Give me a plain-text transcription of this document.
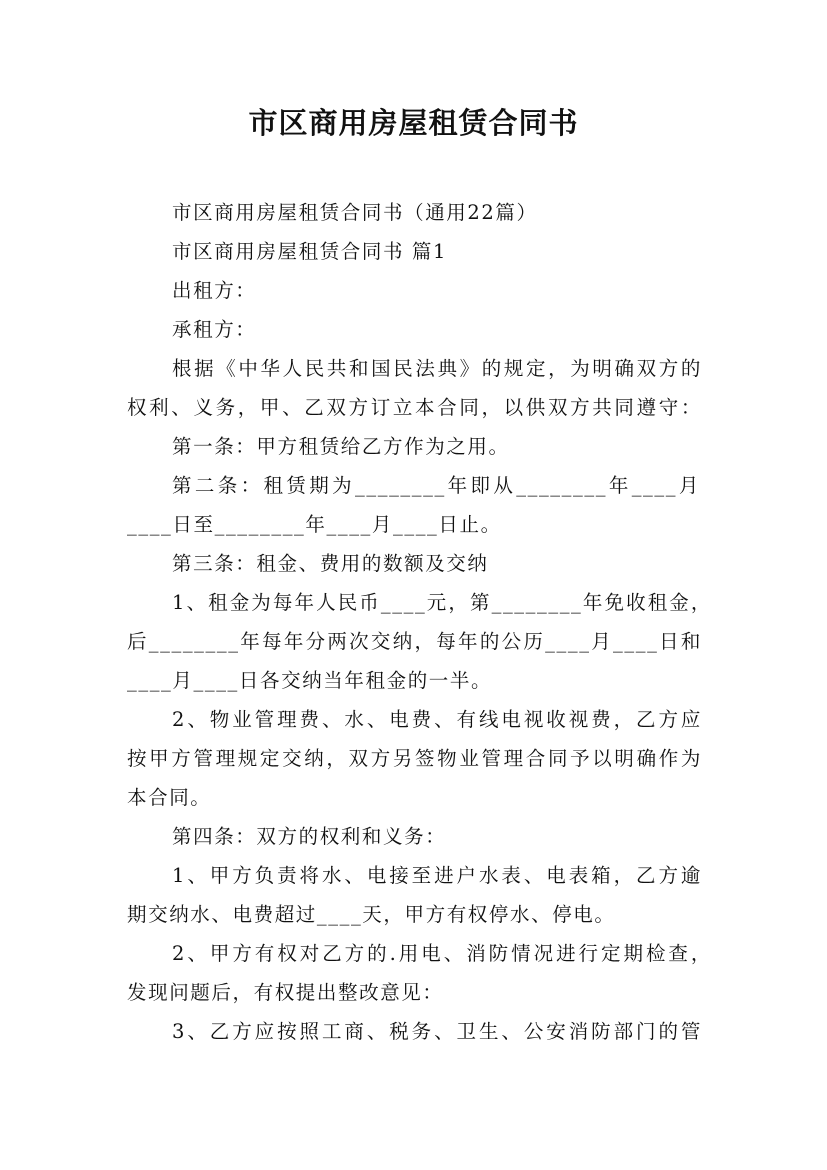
市区商用房屋租赁合同书
市区商用房屋租赁合同书（通用22篇）
市区商用房屋租赁合同书 篇1
出租方：
承租方：
根据《中华人民共和国民法典》的规定，为明确双方的
权利、义务，甲、乙双方订立本合同，以供双方共同遵守：
第一条：甲方租赁给乙方作为之用。
第二条：租赁期为________年即从________年____月
____日至________年____月____日止。
第三条：租金、费用的数额及交纳
1、租金为每年人民币____元，第________年免收租金，
后________年每年分两次交纳，每年的公历____月____日和
____月____日各交纳当年租金的一半。
2、物业管理费、水、电费、有线电视收视费，乙方应
按甲方管理规定交纳，双方另签物业管理合同予以明确作为
本合同。
第四条：双方的权利和义务：
1、甲方负责将水、电接至进户水表、电表箱，乙方逾
期交纳水、电费超过____天，甲方有权停水、停电。
2、甲方有权对乙方的.用电、消防情况进行定期检查，
发现问题后，有权提出整改意见：
3、乙方应按照工商、税务、卫生、公安消防部门的管
